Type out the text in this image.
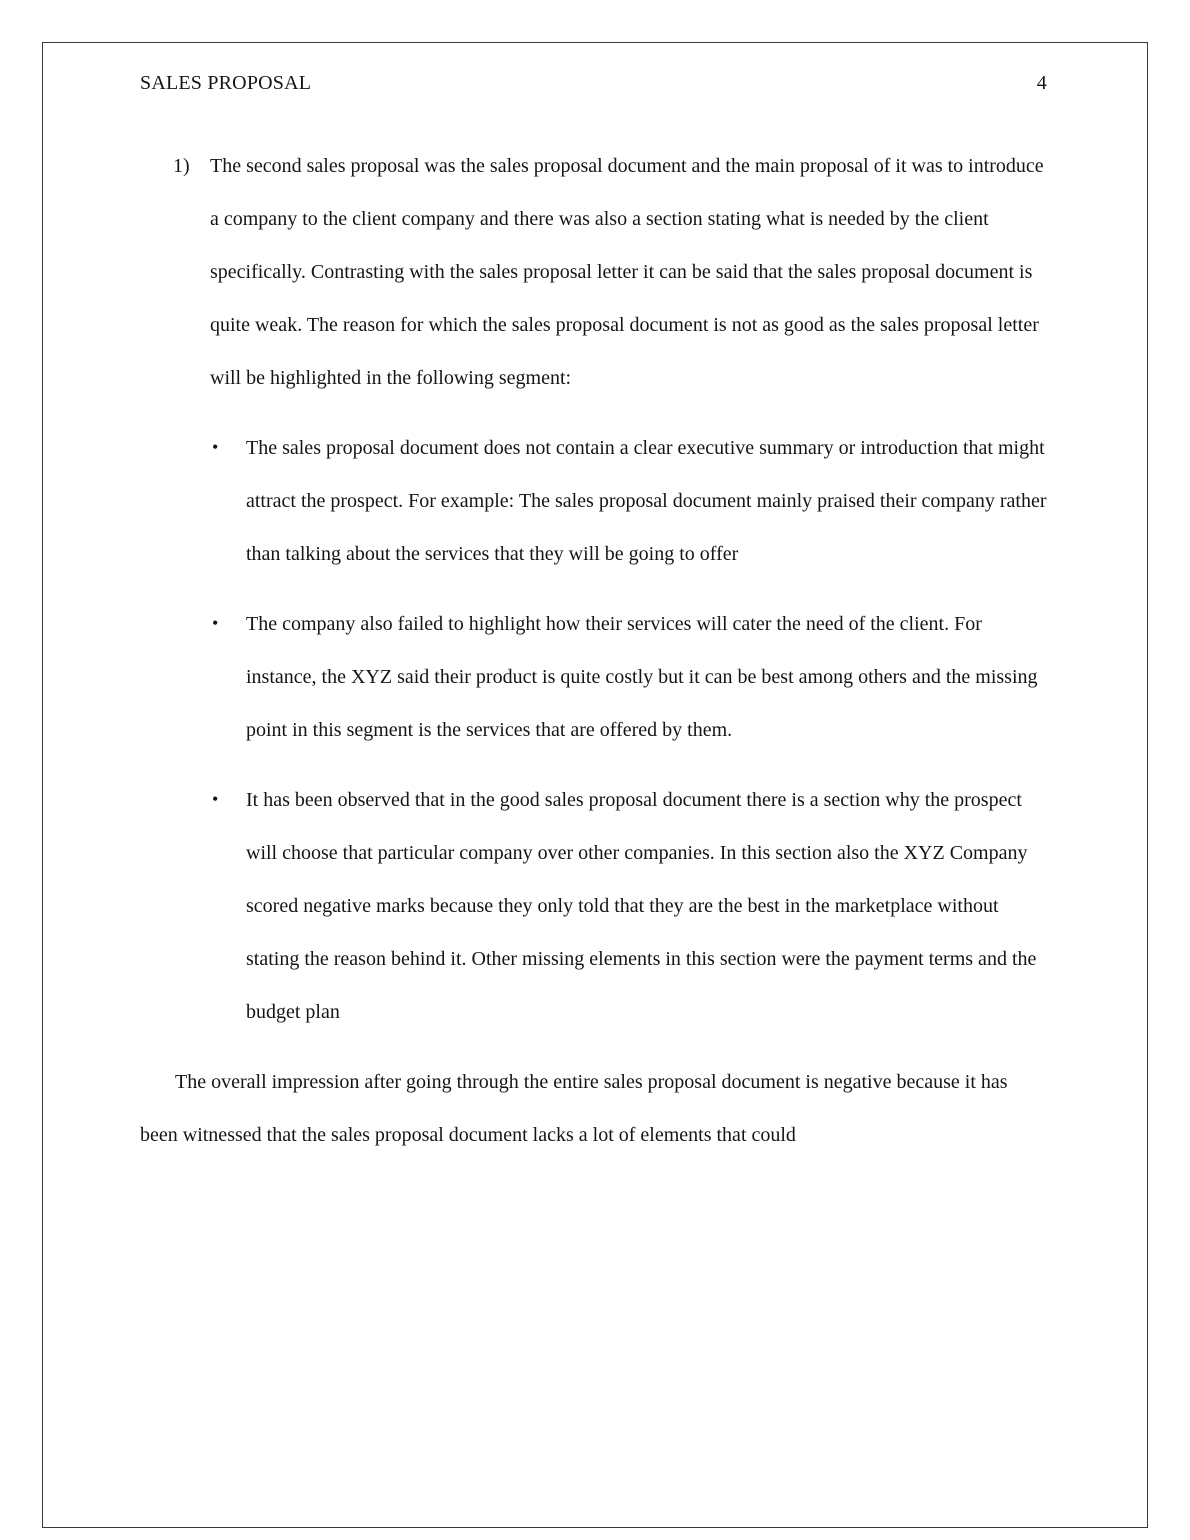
SALES PROPOSAL	4

1) The second sales proposal was the sales proposal document and the main proposal of it was to introduce a company to the client company and there was also a section stating what is needed by the client specifically. Contrasting with the sales proposal letter it can be said that the sales proposal document is quite weak. The reason for which the sales proposal document is not as good as the sales proposal letter will be highlighted in the following segment:

• The sales proposal document does not contain a clear executive summary or introduction that might attract the prospect. For example: The sales proposal document mainly praised their company rather than talking about the services that they will be going to offer

• The company also failed to highlight how their services will cater the need of the client. For instance, the XYZ said their product is quite costly but it can be best among others and the missing point in this segment is the services that are offered by them.

• It has been observed that in the good sales proposal document there is a section why the prospect will choose that particular company over other companies. In this section also the XYZ Company scored negative marks because they only told that they are the best in the marketplace without stating the reason behind it. Other missing elements in this section were the payment terms and the budget plan

The overall impression after going through the entire sales proposal document is negative because it has been witnessed that the sales proposal document lacks a lot of elements that could
